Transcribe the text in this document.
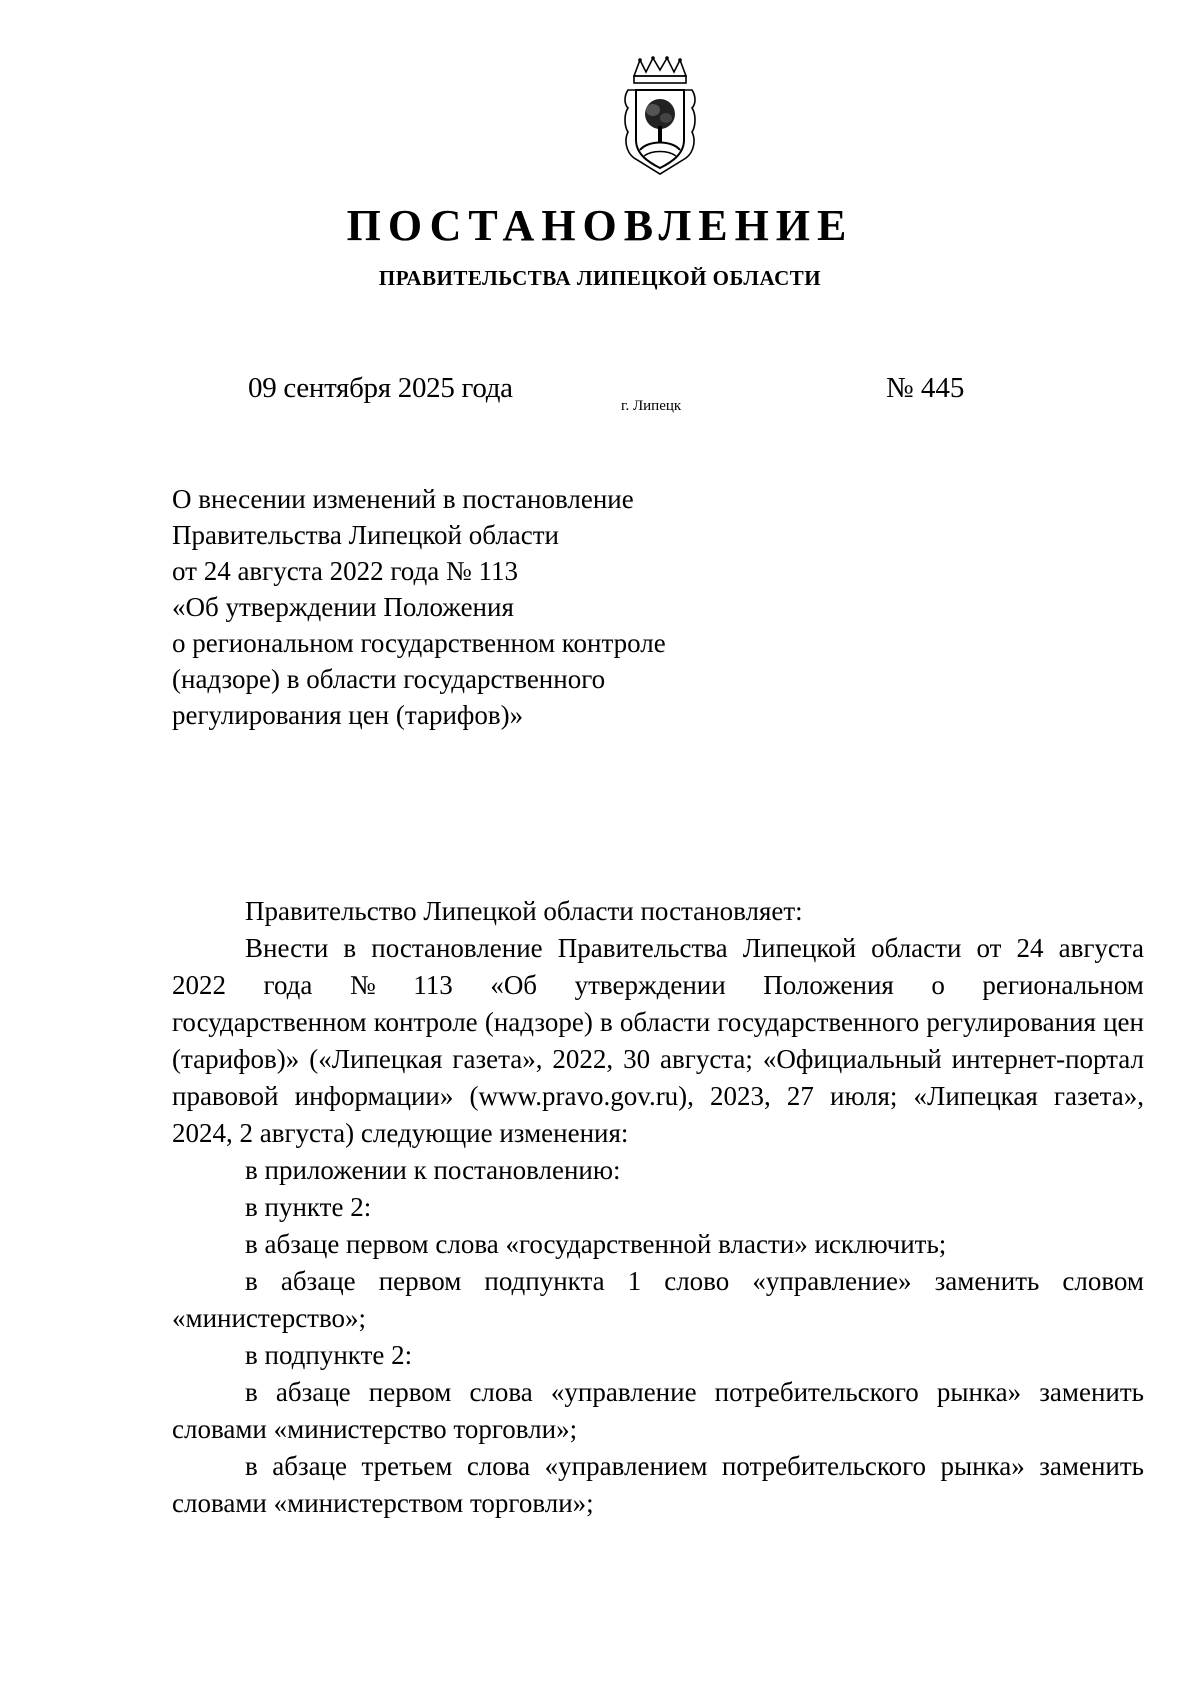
ПОСТАНОВЛЕНИЕ
ПРАВИТЕЛЬСТВА ЛИПЕЦКОЙ ОБЛАСТИ
09 сентября 2025 года
г. Липецк
№ 445
О внесении изменений в постановление
Правительства Липецкой области
от 24 августа 2022 года № 113
«Об утверждении Положения
о региональном государственном контроле
(надзоре) в области государственного
регулирования цен (тарифов)»

Правительство Липецкой области постановляет:

Внести в постановление Правительства Липецкой области от 24 августа
2022 года № 113 «Об утверждении Положения о региональном

государственном контроле (надзоре) в области государственного регулирования цен (тарифов)» («Липецкая газета», 2022, 30 августа; «Официальный интернет-портал правовой информации» (www.pravo.gov.ru), 2023, 27 июля; «Липецкая газета», 2024, 2 августа) следующие изменения:

в приложении к постановлению:

в пункте 2:

в абзаце первом слова «государственной власти» исключить;

в абзаце первом подпункта 1 слово «управление» заменить словом «министерство»;

в подпункте 2:

в абзаце первом слова «управление потребительского рынка» заменить словами «министерство торговли»;

в абзаце третьем слова «управлением потребительского рынка» заменить словами «министерством торговли»;
